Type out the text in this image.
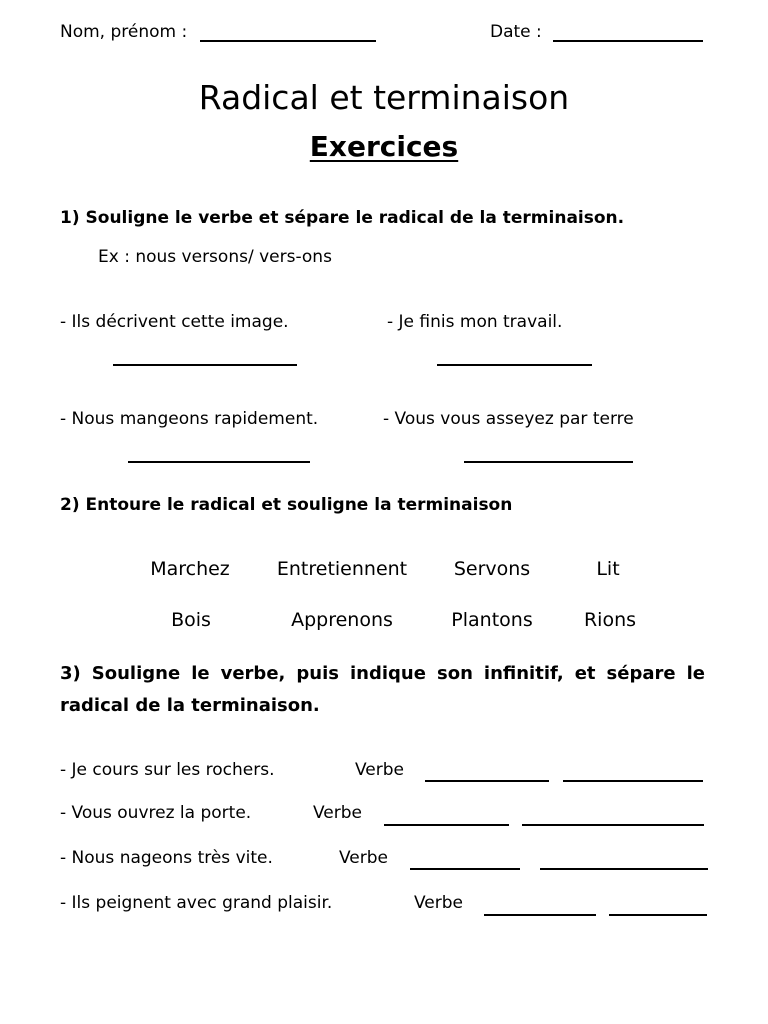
Nom, prénom :	Date :
Radical et terminaison
Exercices
1) Souligne le verbe et sépare le radical de la terminaison.
Ex : nous versons/ vers-ons
- Ils décrivent cette image.	- Je finis mon travail.
- Nous mangeons rapidement.	- Vous vous asseyez par terre
2) Entoure le radical et souligne la terminaison
Marchez Entretiennent Servons	Lit
Bois	Apprenons	Plantons	Rions
3) Souligne le verbe, puis indique son infinitif, et sépare le radical de la terminaison.
- Je cours sur les rochers.	Verbe
- Vous ouvrez la porte.	Verbe
- Nous nageons très vite.	Verbe
- Ils peignent avec grand plaisir.	Verbe
